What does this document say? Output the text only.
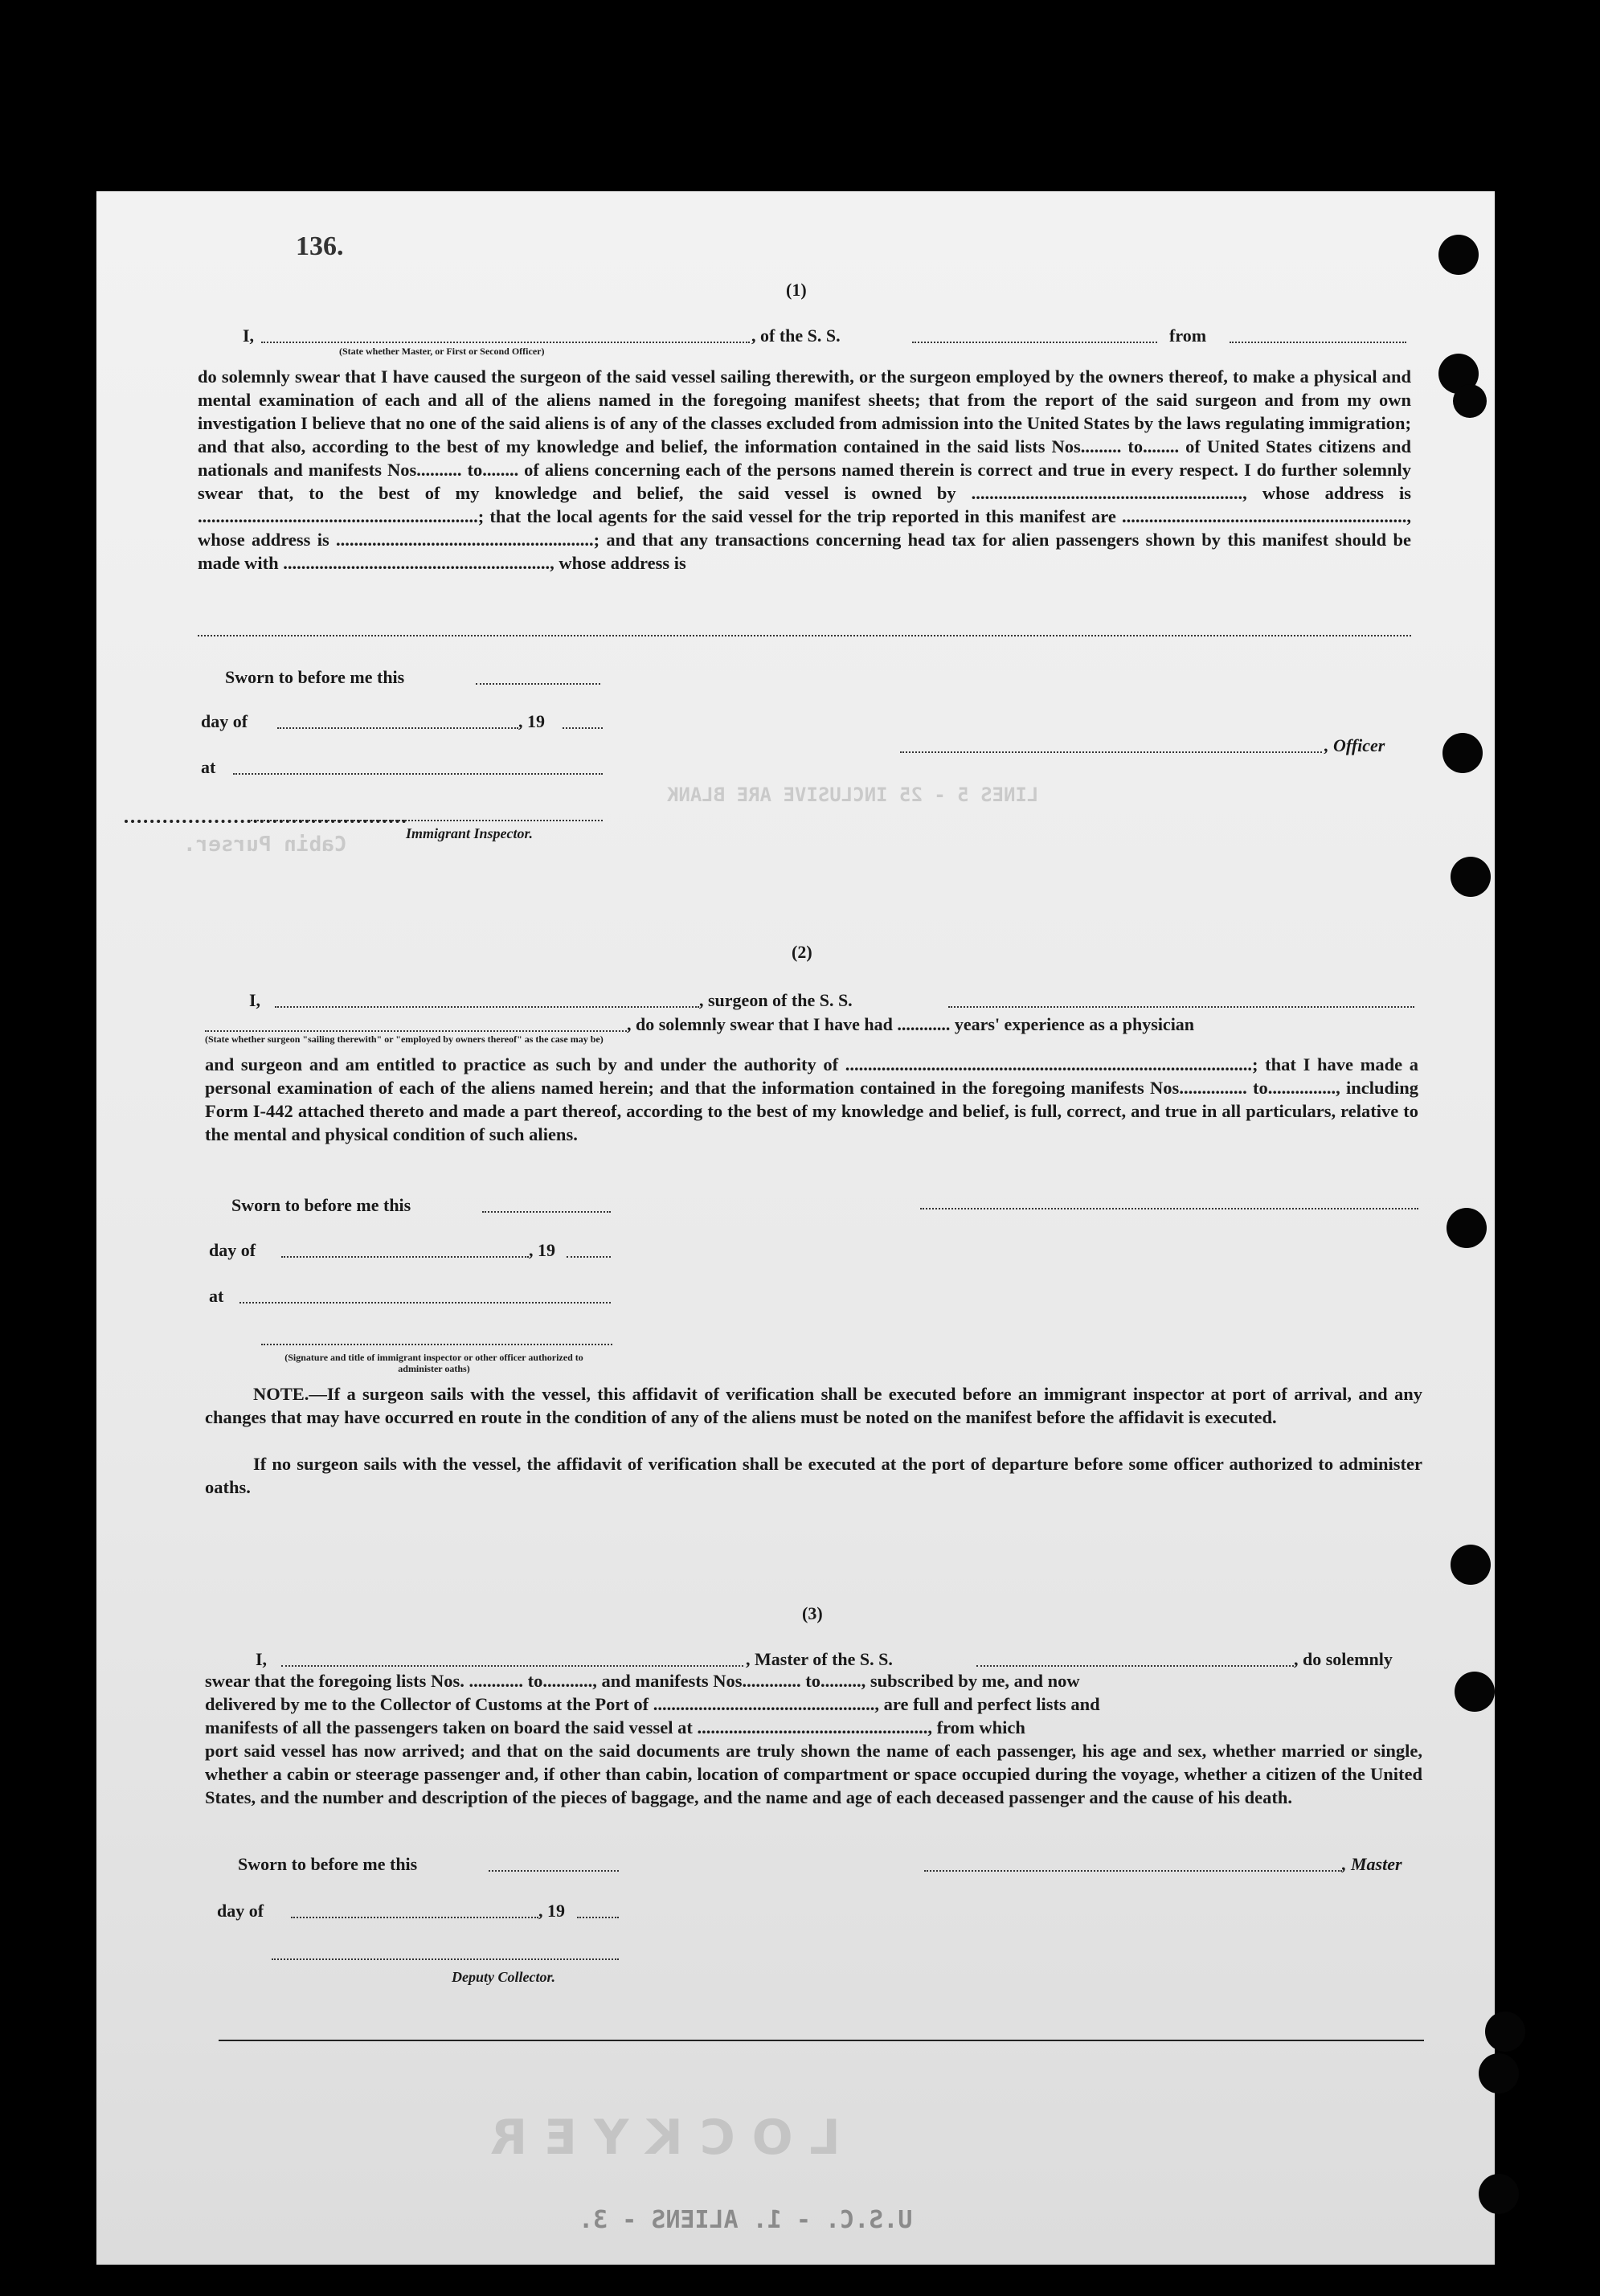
136.
Cabin Purser.
LINES 5 - 25 INCLUSIVE ARE BLANK
L O C K Y E R
U.S.C. - 1. ALIENS - 3.
(1)
I,	, of the S. S.	from
(State whether Master, or First or Second Officer)
do solemnly swear that I have caused the surgeon of the said vessel sailing therewith, or the surgeon employed by the owners thereof, to make a physical and mental examination of each and all of the aliens named in the foregoing manifest sheets; that from the report of the said surgeon and from my own investigation I believe that no one of the said aliens is of any of the classes excluded from admission into the United States by the laws regulating immigration; and that also, according to the best of my knowledge and belief, the information contained in the said lists Nos......... to........ of United States citizens and nationals and manifests Nos.......... to........ of aliens concerning each of the persons named therein is correct and true in every respect. I do further solemnly swear that, to the best of my knowledge and belief, the said vessel is owned by ............................................................, whose address is ..............................................................; that the local agents for the said vessel for the trip reported in this manifest are ..............................................................., whose address is .........................................................; and that any transactions concerning head tax for alien passengers shown by this manifest should be made with ..........................................................., whose address is
Sworn to before me this
day of	, 19
at
, Officer
Immigrant Inspector.
(2)
I,	, surgeon of the S. S.
, do solemnly swear that I have had ............ years' experience as a physician
(State whether surgeon "sailing therewith" or "employed by owners thereof" as the case may be)
and surgeon and am entitled to practice as such by and under the authority of ..........................................................................................; that I have made a personal examination of each of the aliens named herein; and that the information contained in the foregoing manifests Nos............... to..............., including Form I-442 attached thereto and made a part thereof, according to the best of my knowledge and belief, is full, correct, and true in all particulars, relative to the mental and physical condition of such aliens.
Sworn to before me this
day of	, 19
at
(Signature and title of immigrant inspector or other officer authorized to administer oaths)
NOTE.—If a surgeon sails with the vessel, this affidavit of verification shall be executed before an immigrant inspector at port of arrival, and any changes that may have occurred en route in the condition of any of the aliens must be noted on the manifest before the affidavit is executed.
If no surgeon sails with the vessel, the affidavit of verification shall be executed at the port of departure before some officer authorized to administer oaths.
(3)
I,	, Master of the S. S.	, do solemnly
swear that the foregoing lists Nos. ............ to..........., and manifests Nos............. to........., subscribed by me, and now
delivered by me to the Collector of Customs at the Port of ................................................., are full and perfect lists and
manifests of all the passengers taken on board the said vessel at ..................................................., from which
port said vessel has now arrived; and that on the said documents are truly shown the name of each passenger, his age and sex, whether married or single, whether a cabin or steerage passenger and, if other than cabin, location of compartment or space occupied during the voyage, whether a citizen of the United States, and the number and description of the pieces of baggage, and the name and age of each deceased passenger and the cause of his death.
Sworn to before me this	, Master
day of	, 19
Deputy Collector.
